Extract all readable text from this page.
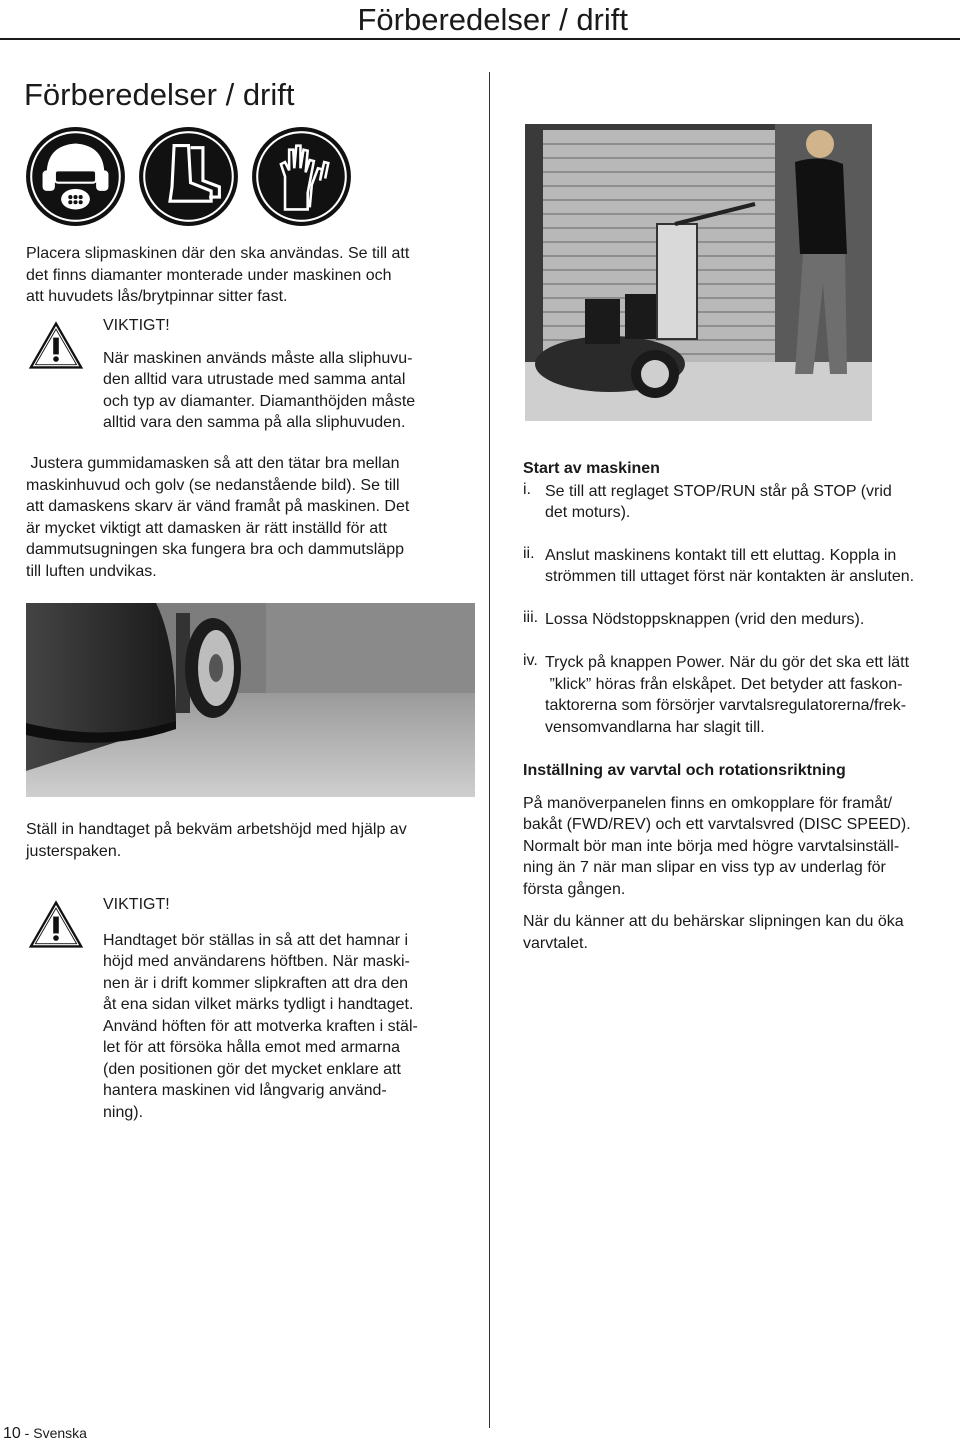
Förberedelser / drift
Förberedelser / drift

Placera slipmaskinen där den ska användas. Se till att

det finns diamanter monterade under maskinen och

att huvudets lås/brytpinnar sitter fast.

VIKTIGT!

När maskinen används måste alla sliphuvu-

den alltid vara utrustade med samma antal

och typ av diamanter. Diamanthöjden måste

alltid vara den samma på alla sliphuvuden.

Justera gummidamasken så att den tätar bra mellan

maskinhuvud och golv (se nedanstående bild). Se till

att damaskens skarv är vänd framåt på maskinen. Det

är mycket viktigt att damasken är rätt inställd för att

dammutsugningen ska fungera bra och dammutsläpp

till luften undvikas.

Ställ in handtaget på bekväm arbetshöjd med hjälp av

justerspaken.

VIKTIGT!

Handtaget bör ställas in så att det hamnar i

höjd med användarens höftben. När maski-

nen är i drift kommer slipkraften att dra den

åt ena sidan vilket märks tydligt i handtaget.

Använd höften för att motverka kraften i stäl-

let för att försöka hålla emot med armarna

(den positionen gör det mycket enklare att

hantera maskinen vid långvarig använd-

ning).

Start av maskinen

i. Se till att reglaget STOP/RUN står på STOP (vrid

det moturs).

ii. Anslut maskinens kontakt till ett eluttag. Koppla in

strömmen till uttaget först när kontakten är ansluten.

iii. Lossa Nödstoppsknappen (vrid den medurs).

iv. Tryck på knappen Power. När du gör det ska ett lätt

”klick” höras från elskåpet. Det betyder att faskon-

taktorerna som försörjer varvtalsregulatorerna/frek-

vensomvandlarna har slagit till.

Inställning av varvtal och rotationsriktning

På manöverpanelen finns en omkopplare för framåt/

bakåt (FWD/REV) och ett varvtalsvred (DISC SPEED).

Normalt bör man inte börja med högre varvtalsinställ-

ning än 7 när man slipar en viss typ av underlag för

första gången.

När du känner att du behärskar slipningen kan du öka

varvtalet.

10 - Svenska
